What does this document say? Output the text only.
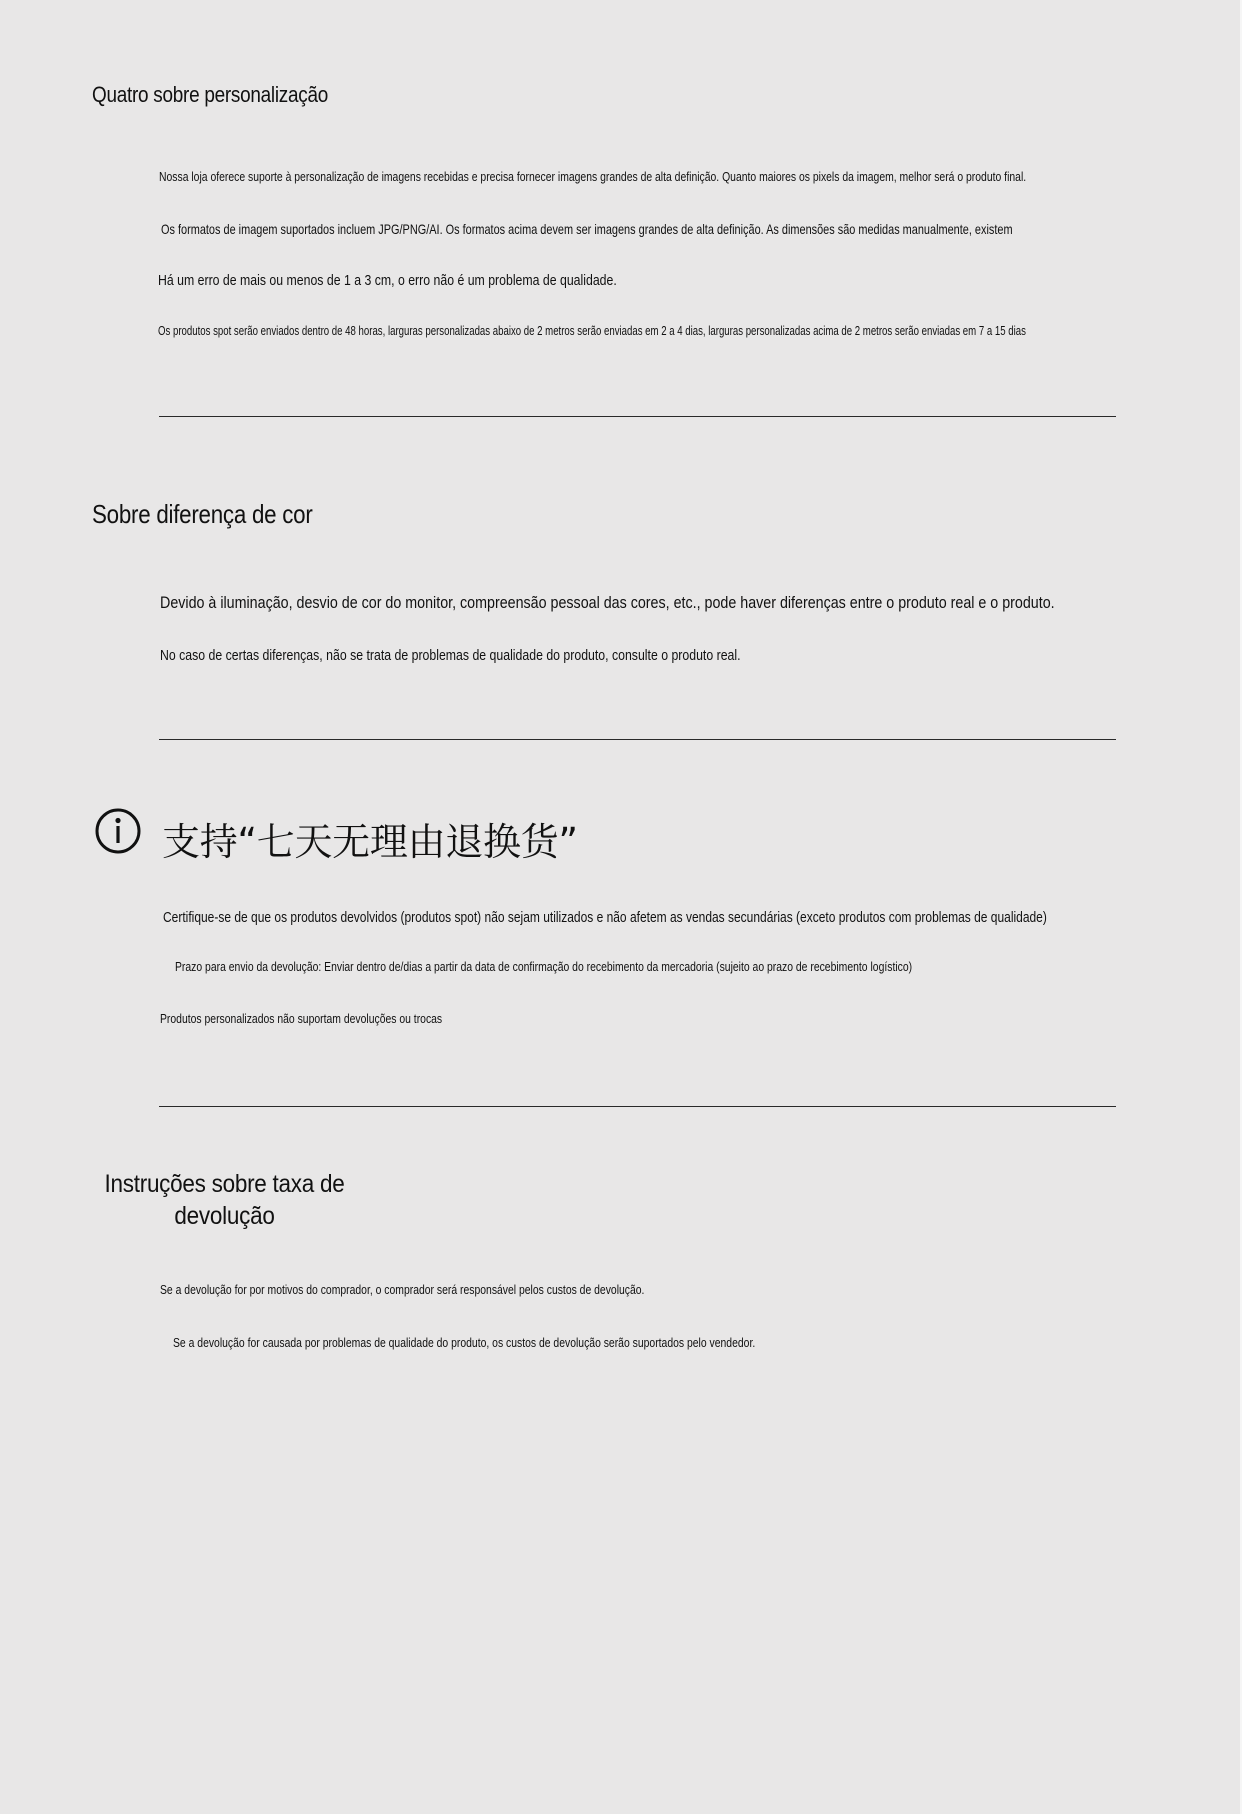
Quatro sobre personalização

Nossa loja oferece suporte à personalização de imagens recebidas e precisa fornecer imagens grandes de alta definição. Quanto maiores os pixels da imagem, melhor será o produto final.

Os formatos de imagem suportados incluem JPG/PNG/AI. Os formatos acima devem ser imagens grandes de alta definição. As dimensões são medidas manualmente, existem

Há um erro de mais ou menos de 1 a 3 cm, o erro não é um problema de qualidade.

Os produtos spot serão enviados dentro de 48 horas, larguras personalizadas abaixo de 2 metros serão enviadas em 2 a 4 dias, larguras personalizadas acima de 2 metros serão enviadas em 7 a 15 dias

Sobre diferença de cor

Devido à iluminação, desvio de cor do monitor, compreensão pessoal das cores, etc., pode haver diferenças entre o produto real e o produto.

No caso de certas diferenças, não se trata de problemas de qualidade do produto, consulte o produto real.

支持“七天无理由退换货”

Certifique-se de que os produtos devolvidos (produtos spot) não sejam utilizados e não afetem as vendas secundárias (exceto produtos com problemas de qualidade)

Prazo para envio da devolução: Enviar dentro de/dias a partir da data de confirmação do recebimento da mercadoria (sujeito ao prazo de recebimento logístico)

Produtos personalizados não suportam devoluções ou trocas

Instruções sobre taxa de
devolução

Se a devolução for por motivos do comprador, o comprador será responsável pelos custos de devolução.

Se a devolução for causada por problemas de qualidade do produto, os custos de devolução serão suportados pelo vendedor.
